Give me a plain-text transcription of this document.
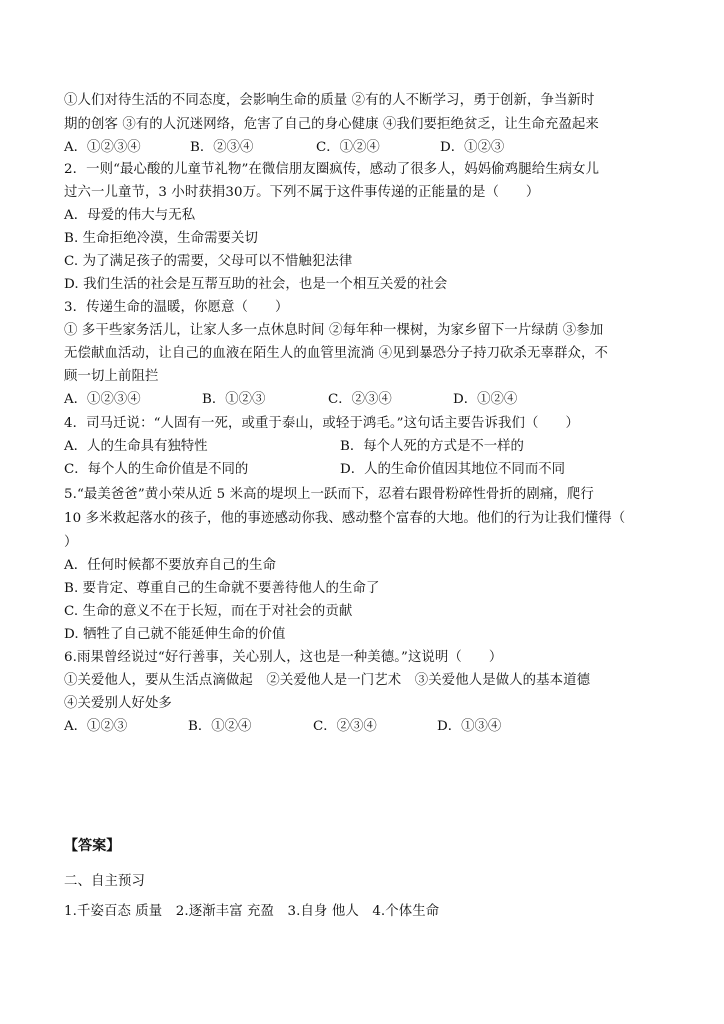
①人们对待生活的不同态度，会影响生命的质量 ②有的人不断学习，勇于创新，争当新时
期的创客 ③有的人沉迷网络，危害了自己的身心健康 ④我们要拒绝贫乏，让生命充盈起来
A．①②③④	B．②③④	C．①②④	D．①②③
2．一则“最心酸的儿童节礼物”在微信朋友圈疯传，感动了很多人，妈妈偷鸡腿给生病女儿
过六一儿童节，3 小时获捐30万。下列不属于这件事传递的正能量的是（　　）
A．母爱的伟大与无私
B. 生命拒绝冷漠，生命需要关切
C. 为了满足孩子的需要，父母可以不惜触犯法律
D. 我们生活的社会是互帮互助的社会，也是一个相互关爱的社会
3．传递生命的温暖，你愿意（　　）
① 多干些家务活儿，让家人多一点休息时间 ②每年种一棵树，为家乡留下一片绿荫 ③参加
无偿献血活动，让自己的血液在陌生人的血管里流淌 ④见到暴恐分子持刀砍杀无辜群众，不
顾一切上前阻拦
A．①②③④	B．①②③	C．②③④	D．①②④
4．司马迁说：“人固有一死，或重于泰山，或轻于鸿毛。”这句话主要告诉我们（　　）
A．人的生命具有独特性	B．每个人死的方式是不一样的
C．每个人的生命价值是不同的	D．人的生命价值因其地位不同而不同
5.“最美爸爸”黄小荣从近 5 米高的堤坝上一跃而下，忍着右跟骨粉碎性骨折的剧痛，爬行
10 多米救起落水的孩子，他的事迹感动你我、感动整个富春的大地。他们的行为让我们懂得（
）
A．任何时候都不要放弃自己的生命
B. 要肯定、尊重自己的生命就不要善待他人的生命了
C. 生命的意义不在于长短，而在于对社会的贡献
D. 牺牲了自己就不能延伸生命的价值
6.雨果曾经说过“好行善事，关心别人，这也是一种美德。”这说明（　　）
①关爱他人，要从生活点滴做起　②关爱他人是一门艺术　③关爱他人是做人的基本道德
④关爱别人好处多
A．①②③	B．①②④	C．②③④	D．①③④
【答案】
二、自主预习
1.千姿百态 质量　2.逐渐丰富 充盈　3.自身 他人　4.个体生命
